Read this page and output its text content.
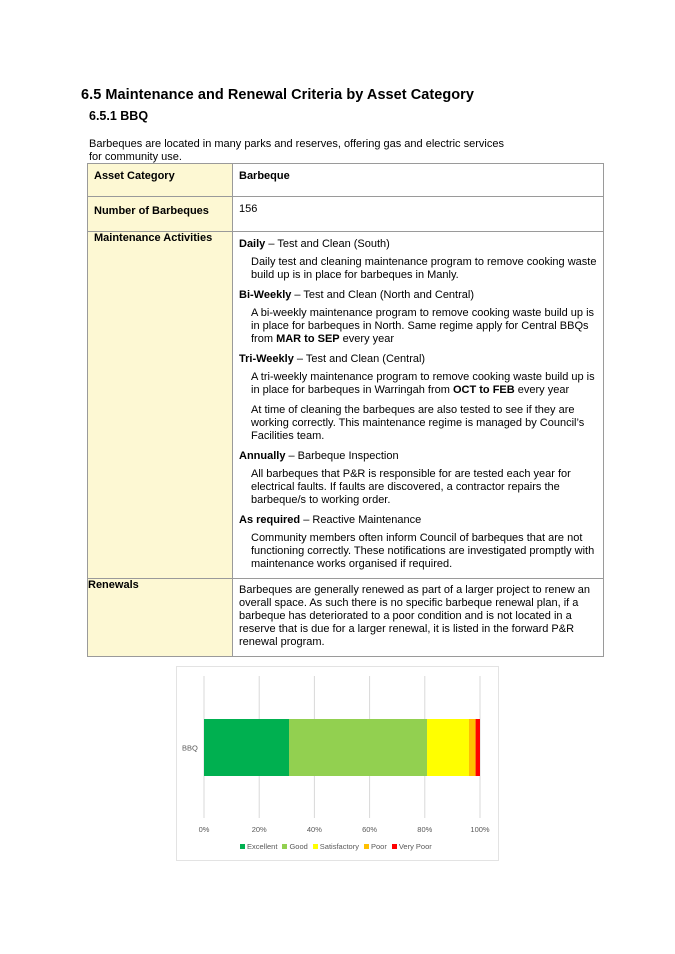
6.5 Maintenance and Renewal Criteria by Asset Category
6.5.1 BBQ
Barbeques are located in many parks and reserves, offering gas and electric services
for community use.
Asset Category	Barbeque
Number of Barbeques	156
Maintenance Activities	Daily – Test and Clean (South)
Daily test and cleaning maintenance program to remove cooking waste build up is in place for barbeques in Manly.
Bi-Weekly – Test and Clean (North and Central)
A bi-weekly maintenance program to remove cooking waste build up is in place for barbeques in North. Same regime apply for Central BBQs from MAR to SEP every year
Tri-Weekly – Test and Clean (Central)
A tri-weekly maintenance program to remove cooking waste build up is in place for barbeques in Warringah from OCT to FEB every year
At time of cleaning the barbeques are also tested to see if they are working correctly. This maintenance regime is managed by Council’s Facilities team.
Annually – Barbeque Inspection
All barbeques that P&R is responsible for are tested each year for electrical faults. If faults are discovered, a contractor repairs the barbeque/s to working order.
As required – Reactive Maintenance
Community members often inform Council of barbeques that are not functioning correctly. These notifications are investigated promptly with maintenance works organised if required.

Renewals	Barbeques are generally renewed as part of a larger project to renew an overall space. As such there is no specific barbeque renewal plan, if a barbeque has deteriorated to a poor condition and is not located in a reserve that is due for a larger renewal, it is listed in the forward P&R renewal program.
BBQ
0%	20%	40%	60%	80%	100%
Excellent Good Satisfactory Poor Very Poor
